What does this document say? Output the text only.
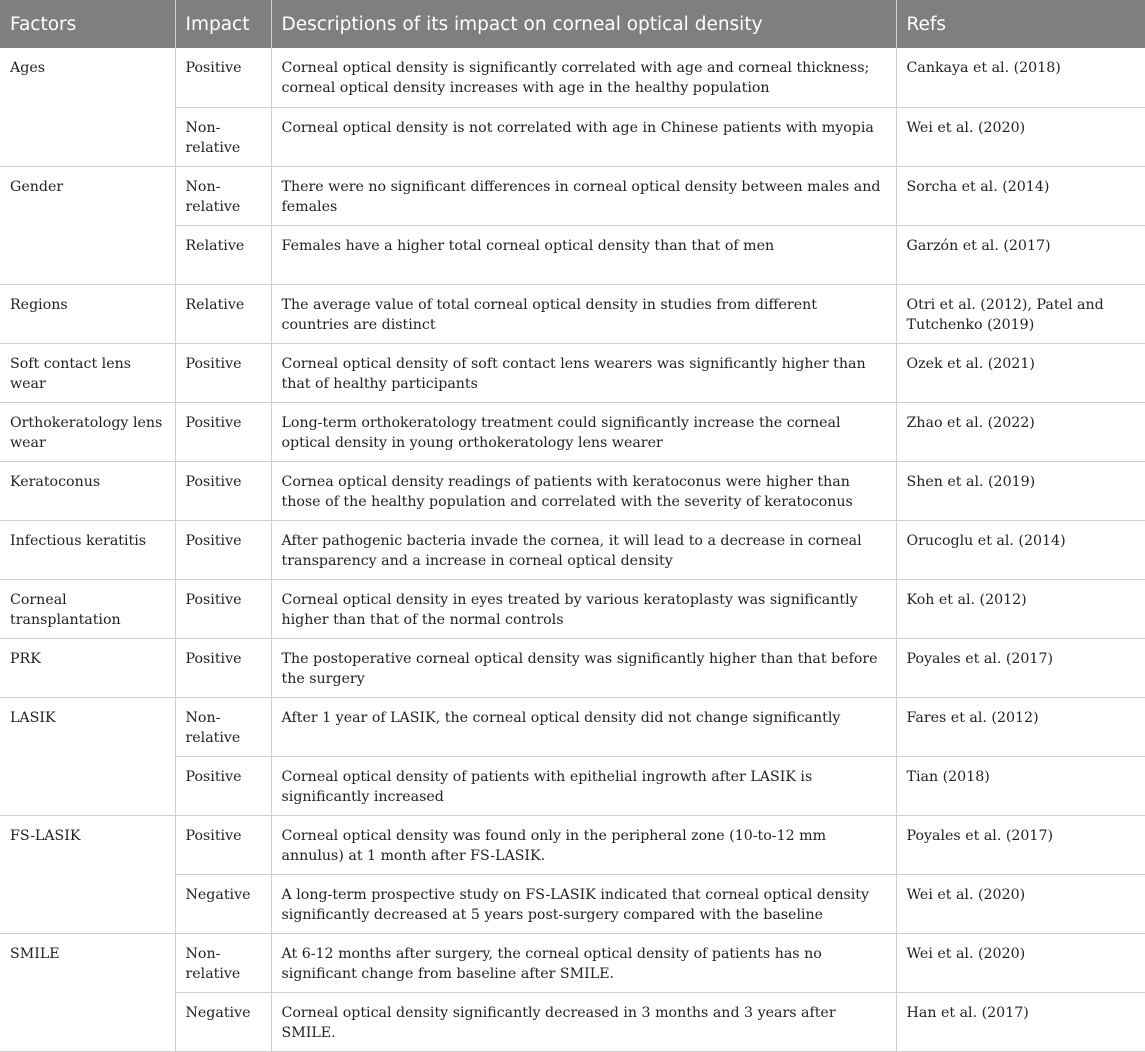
Factors	Impact	Descriptions of its impact on corneal optical density	Refs
Ages	Positive	Corneal optical density is significantly correlated with age and corneal thickness; corneal optical density increases with age in the healthy population	Cankaya et al. (2018)
	Non-relative	Corneal optical density is not correlated with age in Chinese patients with myopia	Wei et al. (2020)
Gender	Non-relative	There were no significant differences in corneal optical density between males and females	Sorcha et al. (2014)
	Relative	Females have a higher total corneal optical density than that of men	Garzón et al. (2017)
Regions	Relative	The average value of total corneal optical density in studies from different countries are distinct	Otri et al. (2012), Patel and Tutchenko (2019)
Soft contact lens wear	Positive	Corneal optical density of soft contact lens wearers was significantly higher than that of healthy participants	Ozek et al. (2021)
Orthokeratology lens wear	Positive	Long-term orthokeratology treatment could significantly increase the corneal optical density in young orthokeratology lens wearer	Zhao et al. (2022)
Keratoconus	Positive	Cornea optical density readings of patients with keratoconus were higher than those of the healthy population and correlated with the severity of keratoconus	Shen et al. (2019)
Infectious keratitis	Positive	After pathogenic bacteria invade the cornea, it will lead to a decrease in corneal transparency and a increase in corneal optical density	Orucoglu et al. (2014)
Corneal transplantation	Positive	Corneal optical density in eyes treated by various keratoplasty was significantly higher than that of the normal controls	Koh et al. (2012)
PRK	Positive	The postoperative corneal optical density was significantly higher than that before the surgery	Poyales et al. (2017)
LASIK	Non-relative	After 1 year of LASIK, the corneal optical density did not change significantly	Fares et al. (2012)
	Positive	Corneal optical density of patients with epithelial ingrowth after LASIK is significantly increased	Tian (2018)
FS-LASIK	Positive	Corneal optical density was found only in the peripheral zone (10-to-12 mm annulus) at 1 month after FS-LASIK.	Poyales et al. (2017)
	Negative	A long-term prospective study on FS-LASIK indicated that corneal optical density significantly decreased at 5 years post-surgery compared with the baseline	Wei et al. (2020)
SMILE	Non-relative	At 6-12 months after surgery, the corneal optical density of patients has no significant change from baseline after SMILE.	Wei et al. (2020)
	Negative	Corneal optical density significantly decreased in 3 months and 3 years after SMILE.	Han et al. (2017)
